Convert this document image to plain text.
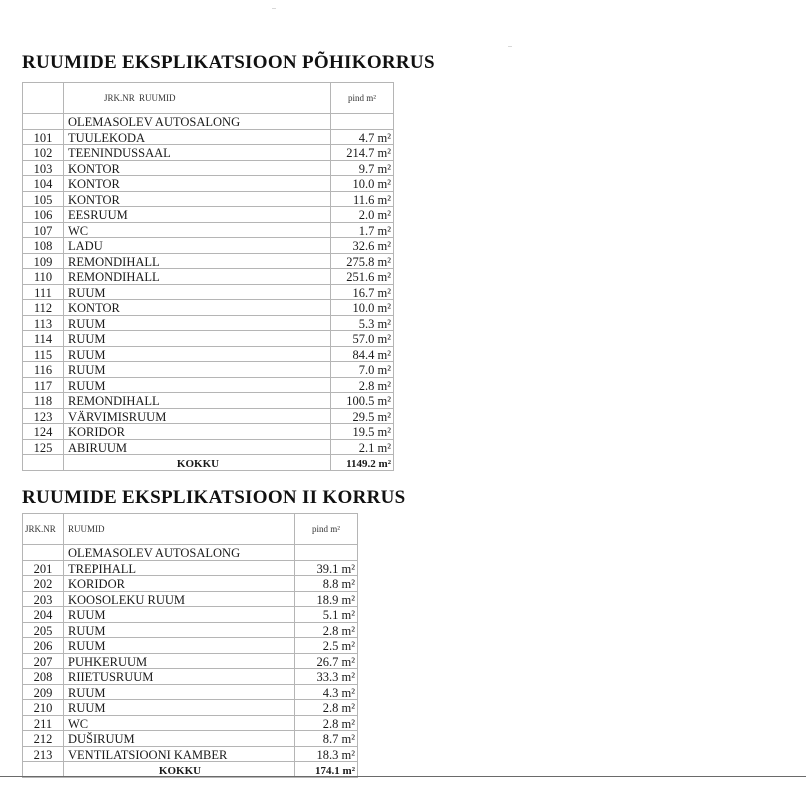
RUUMIDE EKSPLIKATSIOON PÕHIKORRUS
	JRK.NR RUUMID	pind m²
	OLEMASOLEV AUTOSALONG	
101	TUULEKODA	4.7 m²
102	TEENINDUSSAAL	214.7 m²
103	KONTOR	9.7 m²
104	KONTOR	10.0 m²
105	KONTOR	11.6 m²
106	EESRUUM	2.0 m²
107	WC	1.7 m²
108	LADU	32.6 m²
109	REMONDIHALL	275.8 m²
110	REMONDIHALL	251.6 m²
111	RUUM	16.7 m²
112	KONTOR	10.0 m²
113	RUUM	5.3 m²
114	RUUM	57.0 m²
115	RUUM	84.4 m²
116	RUUM	7.0 m²
117	RUUM	2.8 m²
118	REMONDIHALL	100.5 m²
123	VÄRVIMISRUUM	29.5 m²
124	KORIDOR	19.5 m²
125	ABIRUUM	2.1 m²
	KOKKU	1149.2 m²
RUUMIDE EKSPLIKATSIOON II KORRUS
JRK.NR	RUUMID	pind m²
	OLEMASOLEV AUTOSALONG	
201	TREPIHALL	39.1 m²
202	KORIDOR	8.8 m²
203	KOOSOLEKU RUUM	18.9 m²
204	RUUM	5.1 m²
205	RUUM	2.8 m²
206	RUUM	2.5 m²
207	PUHKERUUM	26.7 m²
208	RIIETUSRUUM	33.3 m²
209	RUUM	4.3 m²
210	RUUM	2.8 m²
211	WC	2.8 m²
212	DUŠIRUUM	8.7 m²
213	VENTILATSIOONI KAMBER	18.3 m²
	KOKKU	174.1 m²
